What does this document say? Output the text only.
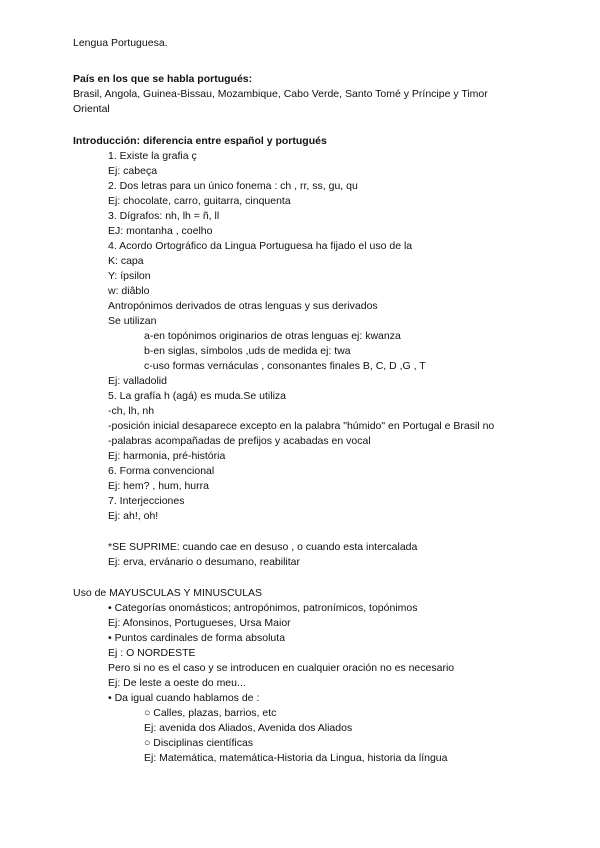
Lengua Portuguesa.
País en los que se habla portugués:
Brasil, Angola, Guinea-Bissau, Mozambique, Cabo Verde, Santo Tomé y Príncipe y Timor
Oriental
Introducción: diferencia entre español y portugués
1. Existe la grafia ç
Ej: cabeça
2. Dos letras para un único fonema : ch , rr, ss, gu, qu
Ej: chocolate, carro, guitarra, cinquenta
3. Dígrafos: nh, lh = ñ, ll
EJ: montanha , coelho
4. Acordo Ortográfico da Lingua Portuguesa ha fijado el uso de la
K: capa
Y: ípsilon
w: diâblo
Antropónimos derivados de otras lenguas y sus derivados
Se utilizan
a-en topónimos originarios de otras lenguas ej: kwanza
b-en siglas, símbolos ,uds de medida ej: twa
c-uso formas vernáculas , consonantes finales B, C, D ,G , T
Ej: valladolid
5. La grafía h (agá) es muda.Se utiliza
-ch, lh, nh
-posición inicial desaparece excepto en la palabra "húmido" en Portugal e Brasil no
-palabras acompañadas de prefijos y acabadas en vocal
Ej: harmonia, pré-história
6. Forma convencional
Ej: hem? , hum, hurra
7. Interjecciones
Ej: ah!, oh!
*SE SUPRIME: cuando cae en desuso , o cuando esta intercalada
Ej: erva, ervánario o desumano, reabilitar
Uso de MAYUSCULAS Y MINUSCULAS
• Categorías onomásticos; antropónimos, patronímicos, topónimos
Ej: Afonsinos, Portugueses, Ursa Maior
• Puntos cardinales de forma absoluta
Ej : O NORDESTE
Pero si no es el caso y se introducen en cualquier oración no es necesario
Ej: De leste a oeste do meu...
• Da igual cuando hablamos de :
○ Calles, plazas, barrios, etc
Ej: avenida dos Aliados, Avenida dos Aliados
○ Disciplinas científicas
Ej: Matemática, matemática-Historia da Lingua, historia da língua
